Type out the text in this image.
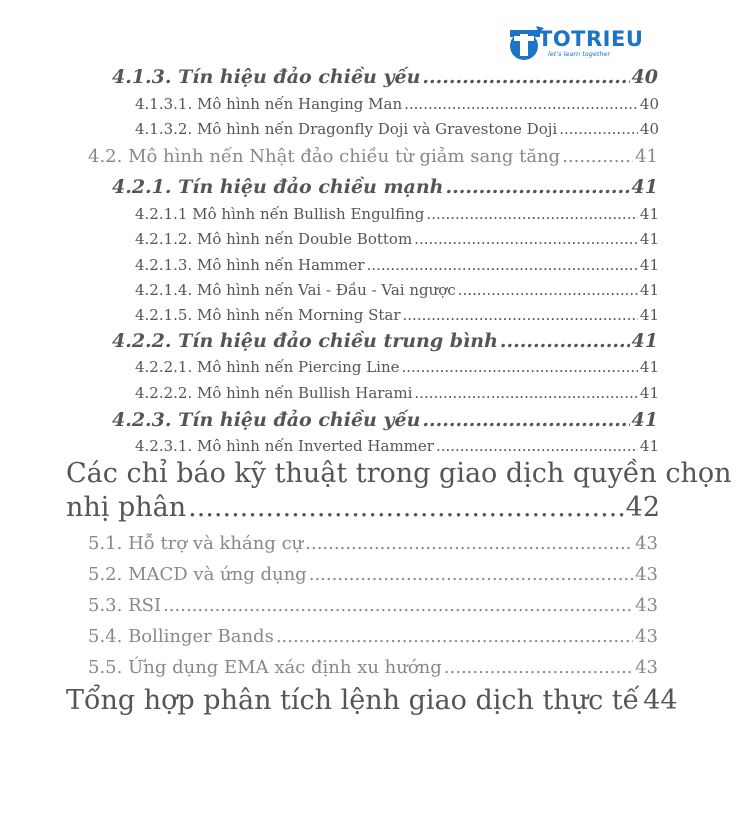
TOTRIEU
let's learn together
4.1.3. Tín hiệu đảo chiều yếu .....	40
4.1.3.1. Mô hình nến Hanging Man .....	40
4.1.3.2. Mô hình nến Dragonfly Doji và Gravestone Doji .....	40
4.2. Mô hình nến Nhật đảo chiều từ giảm sang tăng .....	41
4.2.1. Tín hiệu đảo chiều mạnh .....	41
4.2.1.1 Mô hình nến Bullish Engulfing .....	41
4.2.1.2. Mô hình nến Double Bottom .....	41
4.2.1.3. Mô hình nến Hammer .....	41
4.2.1.4. Mô hình nến Vai - Đầu - Vai ngược .....	41
4.2.1.5. Mô hình nến Morning Star .....	41
4.2.2. Tín hiệu đảo chiều trung bình .....	41
4.2.2.1. Mô hình nến Piercing Line .....	41
4.2.2.2. Mô hình nến Bullish Harami .....	41
4.2.3. Tín hiệu đảo chiều yếu .....	41
4.2.3.1. Mô hình nến Inverted Hammer .....	41
Các chỉ báo kỹ thuật trong giao dịch quyền chọn
nhị phân .....	42
5.1. Hỗ trợ và kháng cự .....	43
5.2. MACD và ứng dụng .....	43
5.3. RSI .....	43
5.4. Bollinger Bands .....	43
5.5. Ứng dụng EMA xác định xu hướng .....	43
Tổng hợp phân tích lệnh giao dịch thực tế 44
